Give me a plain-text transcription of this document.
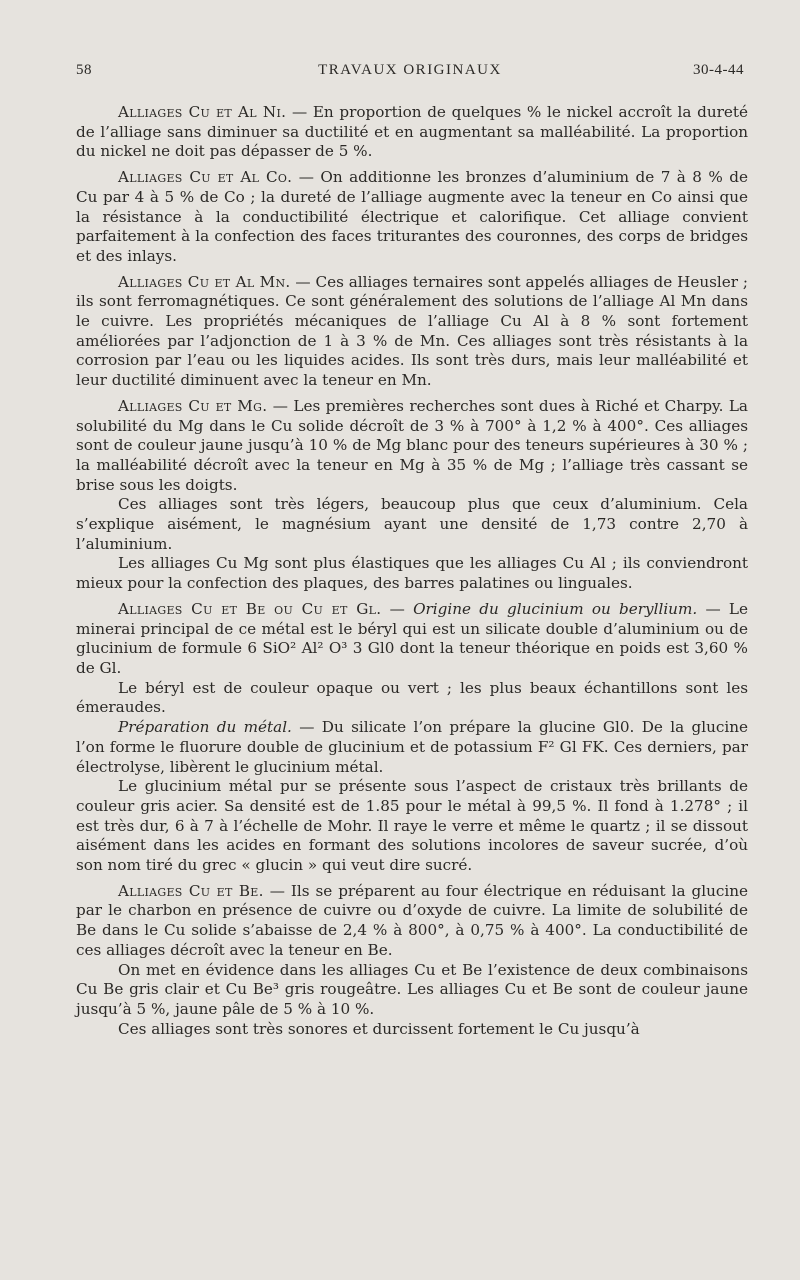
58	TRAVAUX ORIGINAUX	30-4-44

Alliages Cu et Al Ni. — En proportion de quelques % le nickel accroît la dureté de l’alliage sans diminuer sa ductilité et en augmentant sa malléabilité. La proportion du nickel ne doit pas dépasser de 5 %.

Alliages Cu et Al Co. — On additionne les bronzes d’aluminium de 7 à 8 % de Cu par 4 à 5 % de Co ; la dureté de l’alliage augmente avec la teneur en Co ainsi que la résistance à la conductibilité électrique et calorifique. Cet alliage convient parfaitement à la confection des faces triturantes des couronnes, des corps de bridges et des inlays.

Alliages Cu et Al Mn. — Ces alliages ternaires sont appelés alliages de Heusler ; ils sont ferromagnétiques. Ce sont généralement des solutions de l’alliage Al Mn dans le cuivre. Les propriétés mécaniques de l’alliage Cu Al à 8 % sont fortement améliorées par l’adjonction de 1 à 3 % de Mn. Ces alliages sont très résistants à la corrosion par l’eau ou les liquides acides. Ils sont très durs, mais leur malléabilité et leur ductilité diminuent avec la teneur en Mn.

Alliages Cu et Mg. — Les premières recherches sont dues à Riché et Charpy. La solubilité du Mg dans le Cu solide décroît de 3 % à 700° à 1,2 % à 400°. Ces alliages sont de couleur jaune jusqu’à 10 % de Mg blanc pour des teneurs supérieures à 30 % ; la malléabilité décroît avec la teneur en Mg à 35 % de Mg ; l’alliage très cassant se brise sous les doigts.

Ces alliages sont très légers, beaucoup plus que ceux d’aluminium. Cela s’explique aisément, le magnésium ayant une densité de 1,73 contre 2,70 à l’aluminium.

Les alliages Cu Mg sont plus élastiques que les alliages Cu Al ; ils conviendront mieux pour la confection des plaques, des barres palatines ou linguales.

Alliages Cu et Be ou Cu et Gl. — Origine du glucinium ou beryllium. — Le minerai principal de ce métal est le béryl qui est un silicate double d’aluminium ou de glucinium de formule 6 SiO² Al² O³ 3 Gl0 dont la teneur théorique en poids est 3,60 % de Gl.

Le béryl est de couleur opaque ou vert ; les plus beaux échantillons sont les émeraudes.

Préparation du métal. — Du silicate l’on prépare la glucine Gl0. De la glucine l’on forme le fluorure double de glucinium et de potassium F² Gl FK. Ces derniers, par électrolyse, libèrent le glucinium métal.

Le glucinium métal pur se présente sous l’aspect de cristaux très brillants de couleur gris acier. Sa densité est de 1.85 pour le métal à 99,5 %. Il fond à 1.278° ; il est très dur, 6 à 7 à l’échelle de Mohr. Il raye le verre et même le quartz ; il se dissout aisément dans les acides en formant des solutions incolores de saveur sucrée, d’où son nom tiré du grec « glucin » qui veut dire sucré.

Alliages Cu et Be. — Ils se préparent au four électrique en réduisant la glucine par le charbon en présence de cuivre ou d’oxyde de cuivre. La limite de solubilité de Be dans le Cu solide s’abaisse de 2,4 % à 800°, à 0,75 % à 400°. La conductibilité de ces alliages décroît avec la teneur en Be.

On met en évidence dans les alliages Cu et Be l’existence de deux combinaisons Cu Be gris clair et Cu Be³ gris rougeâtre. Les alliages Cu et Be sont de couleur jaune jusqu’à 5 %, jaune pâle de 5 % à 10 %.

Ces alliages sont très sonores et durcissent fortement le Cu jusqu’à
